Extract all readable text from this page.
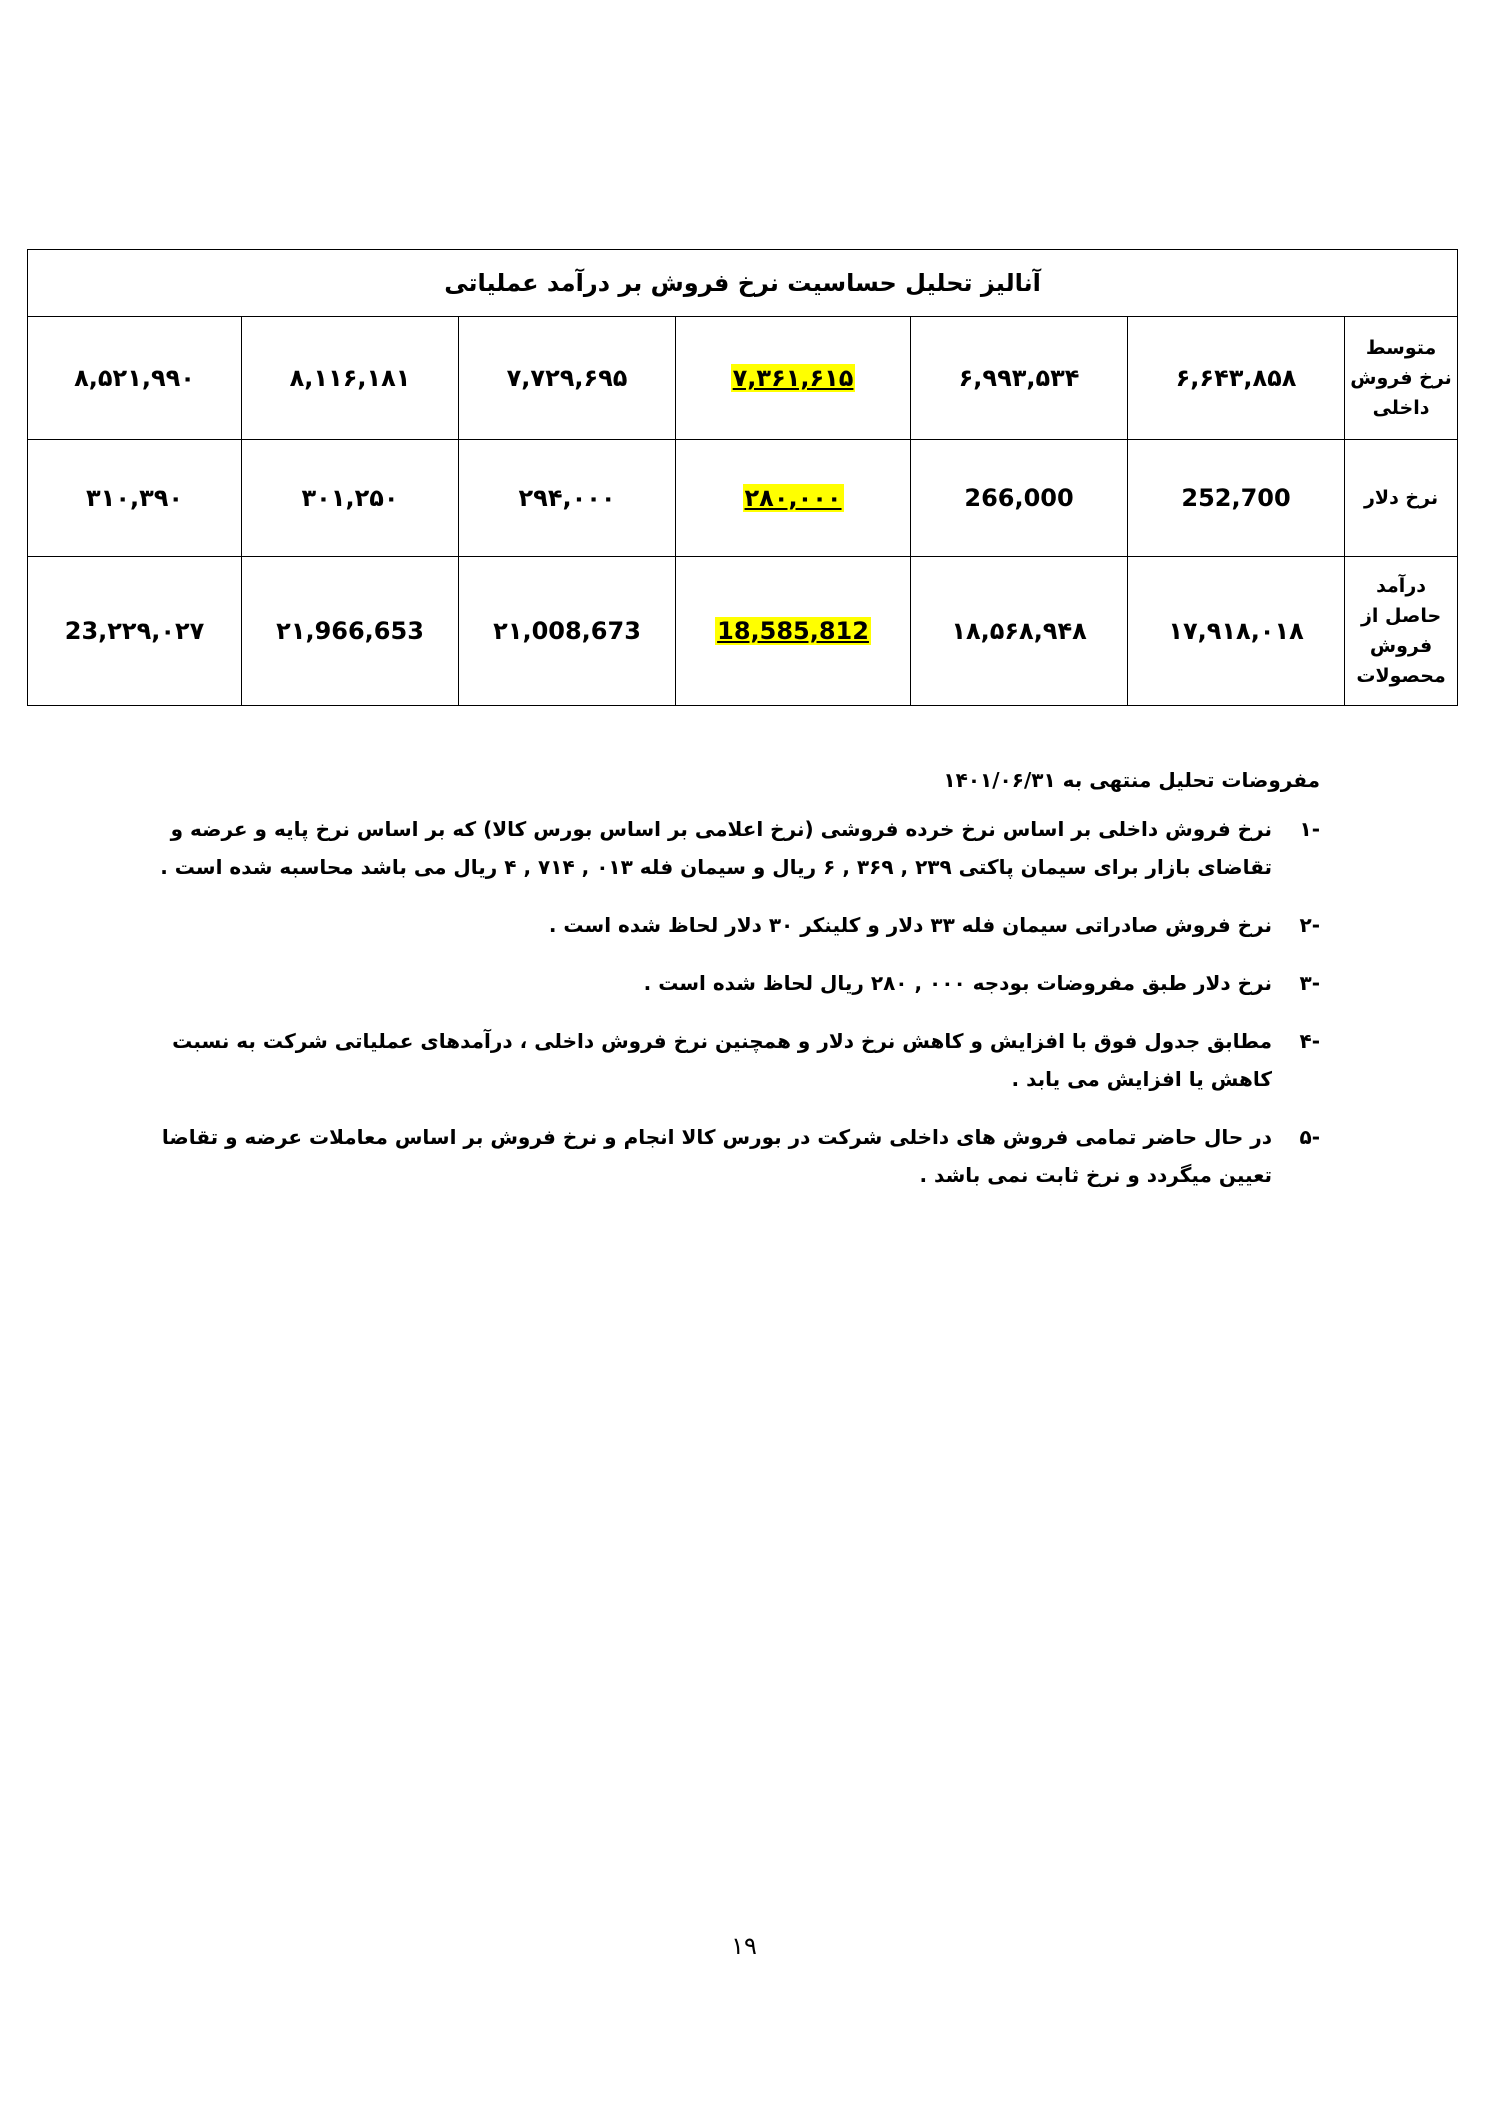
آنالیز تحلیل حساسیت نرخ فروش بر درآمد عملیاتی						

متوسط
نرخ فروش
داخلی	۶,۶۴۳,۸۵۸	۶,۹۹۳,۵۳۴	۷,۳۶۱,۶۱۵	۷,۷۲۹,۶۹۵	۸,۱۱۶,۱۸۱	۸,۵۲۱,۹۹۰

نرخ دلار	252,700	266,000	۲۸۰,۰۰۰	۲۹۴,۰۰۰	۳۰۱,۲۵۰	۳۱۰,۳۹۰

درآمد
حاصل از
فروش
محصولات	۱۷,۹۱۸,۰۱۸	۱۸,۵۶۸,۹۴۸	18,585,812	۲۱,008,673	۲۱,966,653	23,۲۲۹,۰۲۷
مفروضات تحلیل منتهی به ۱۴۰۱/۰۶/۳۱
-۱
نرخ فروش داخلی بر اساس نرخ خرده فروشی (نرخ اعلامی بر اساس بورس کالا) که بر اساس نرخ پایه و عرضه و تقاضای بازار برای سیمان پاکتی ۲۳۹ , ۳۶۹ , ۶ ریال و سیمان فله ۰۱۳ , ۷۱۴ , ۴ ریال می باشد محاسبه شده است .
-۲
نرخ فروش صادراتی سیمان فله ۳۳ دلار و کلینکر ۳۰ دلار لحاظ شده است .
-۳
نرخ دلار طبق مفروضات بودجه ۰۰۰ , ۲۸۰ ریال لحاظ شده است .
-۴
مطابق جدول فوق با افزایش و کاهش نرخ دلار و همچنین نرخ فروش داخلی ، درآمدهای عملیاتی شرکت به نسبت کاهش یا افزایش می یابد .
-۵
در حال حاضر تمامی فروش های داخلی شرکت در بورس کالا انجام و نرخ فروش بر اساس معاملات عرضه و تقاضا تعیین میگردد و نرخ ثابت نمی باشد .
۱۹
